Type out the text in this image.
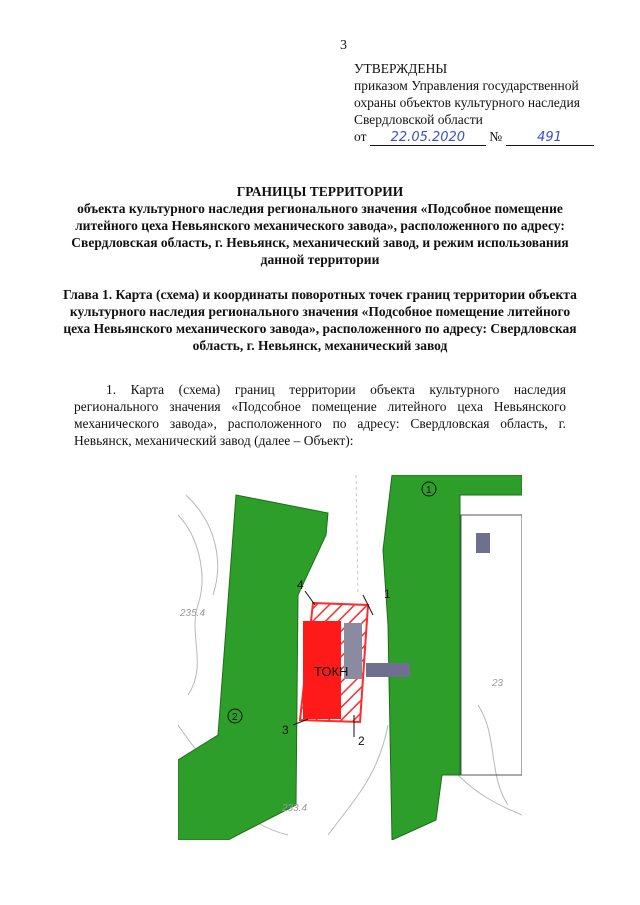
3
УТВЕРЖДЕНЫ
приказом Управления государственной
охраны объектов культурного наследия
Свердловской области
от 22.05.2020 №	491
ГРАНИЦЫ ТЕРРИТОРИИ
объекта культурного наследия регионального значения «Подсобное помещение литейного цеха Невьянского механического завода», расположенного по адресу: Свердловская область, г. Невьянск, механический завод, и режим использования данной территории
Глава 1. Карта (схема) и координаты поворотных точек границ территории объекта культурного наследия регионального значения «Подсобное помещение литейного цеха Невьянского механического завода», расположенного по адресу: Свердловская область, г. Невьянск, механический завод
1. Карта (схема) границ территории объекта культурного наследия регионального значения «Подсобное помещение литейного цеха Невьянского механического завода», расположенного по адресу: Свердловская область, г. Невьянск, механический завод (далее – Объект):
ТОКН
1
2
3
4
1
2
235.4
233.4
23
